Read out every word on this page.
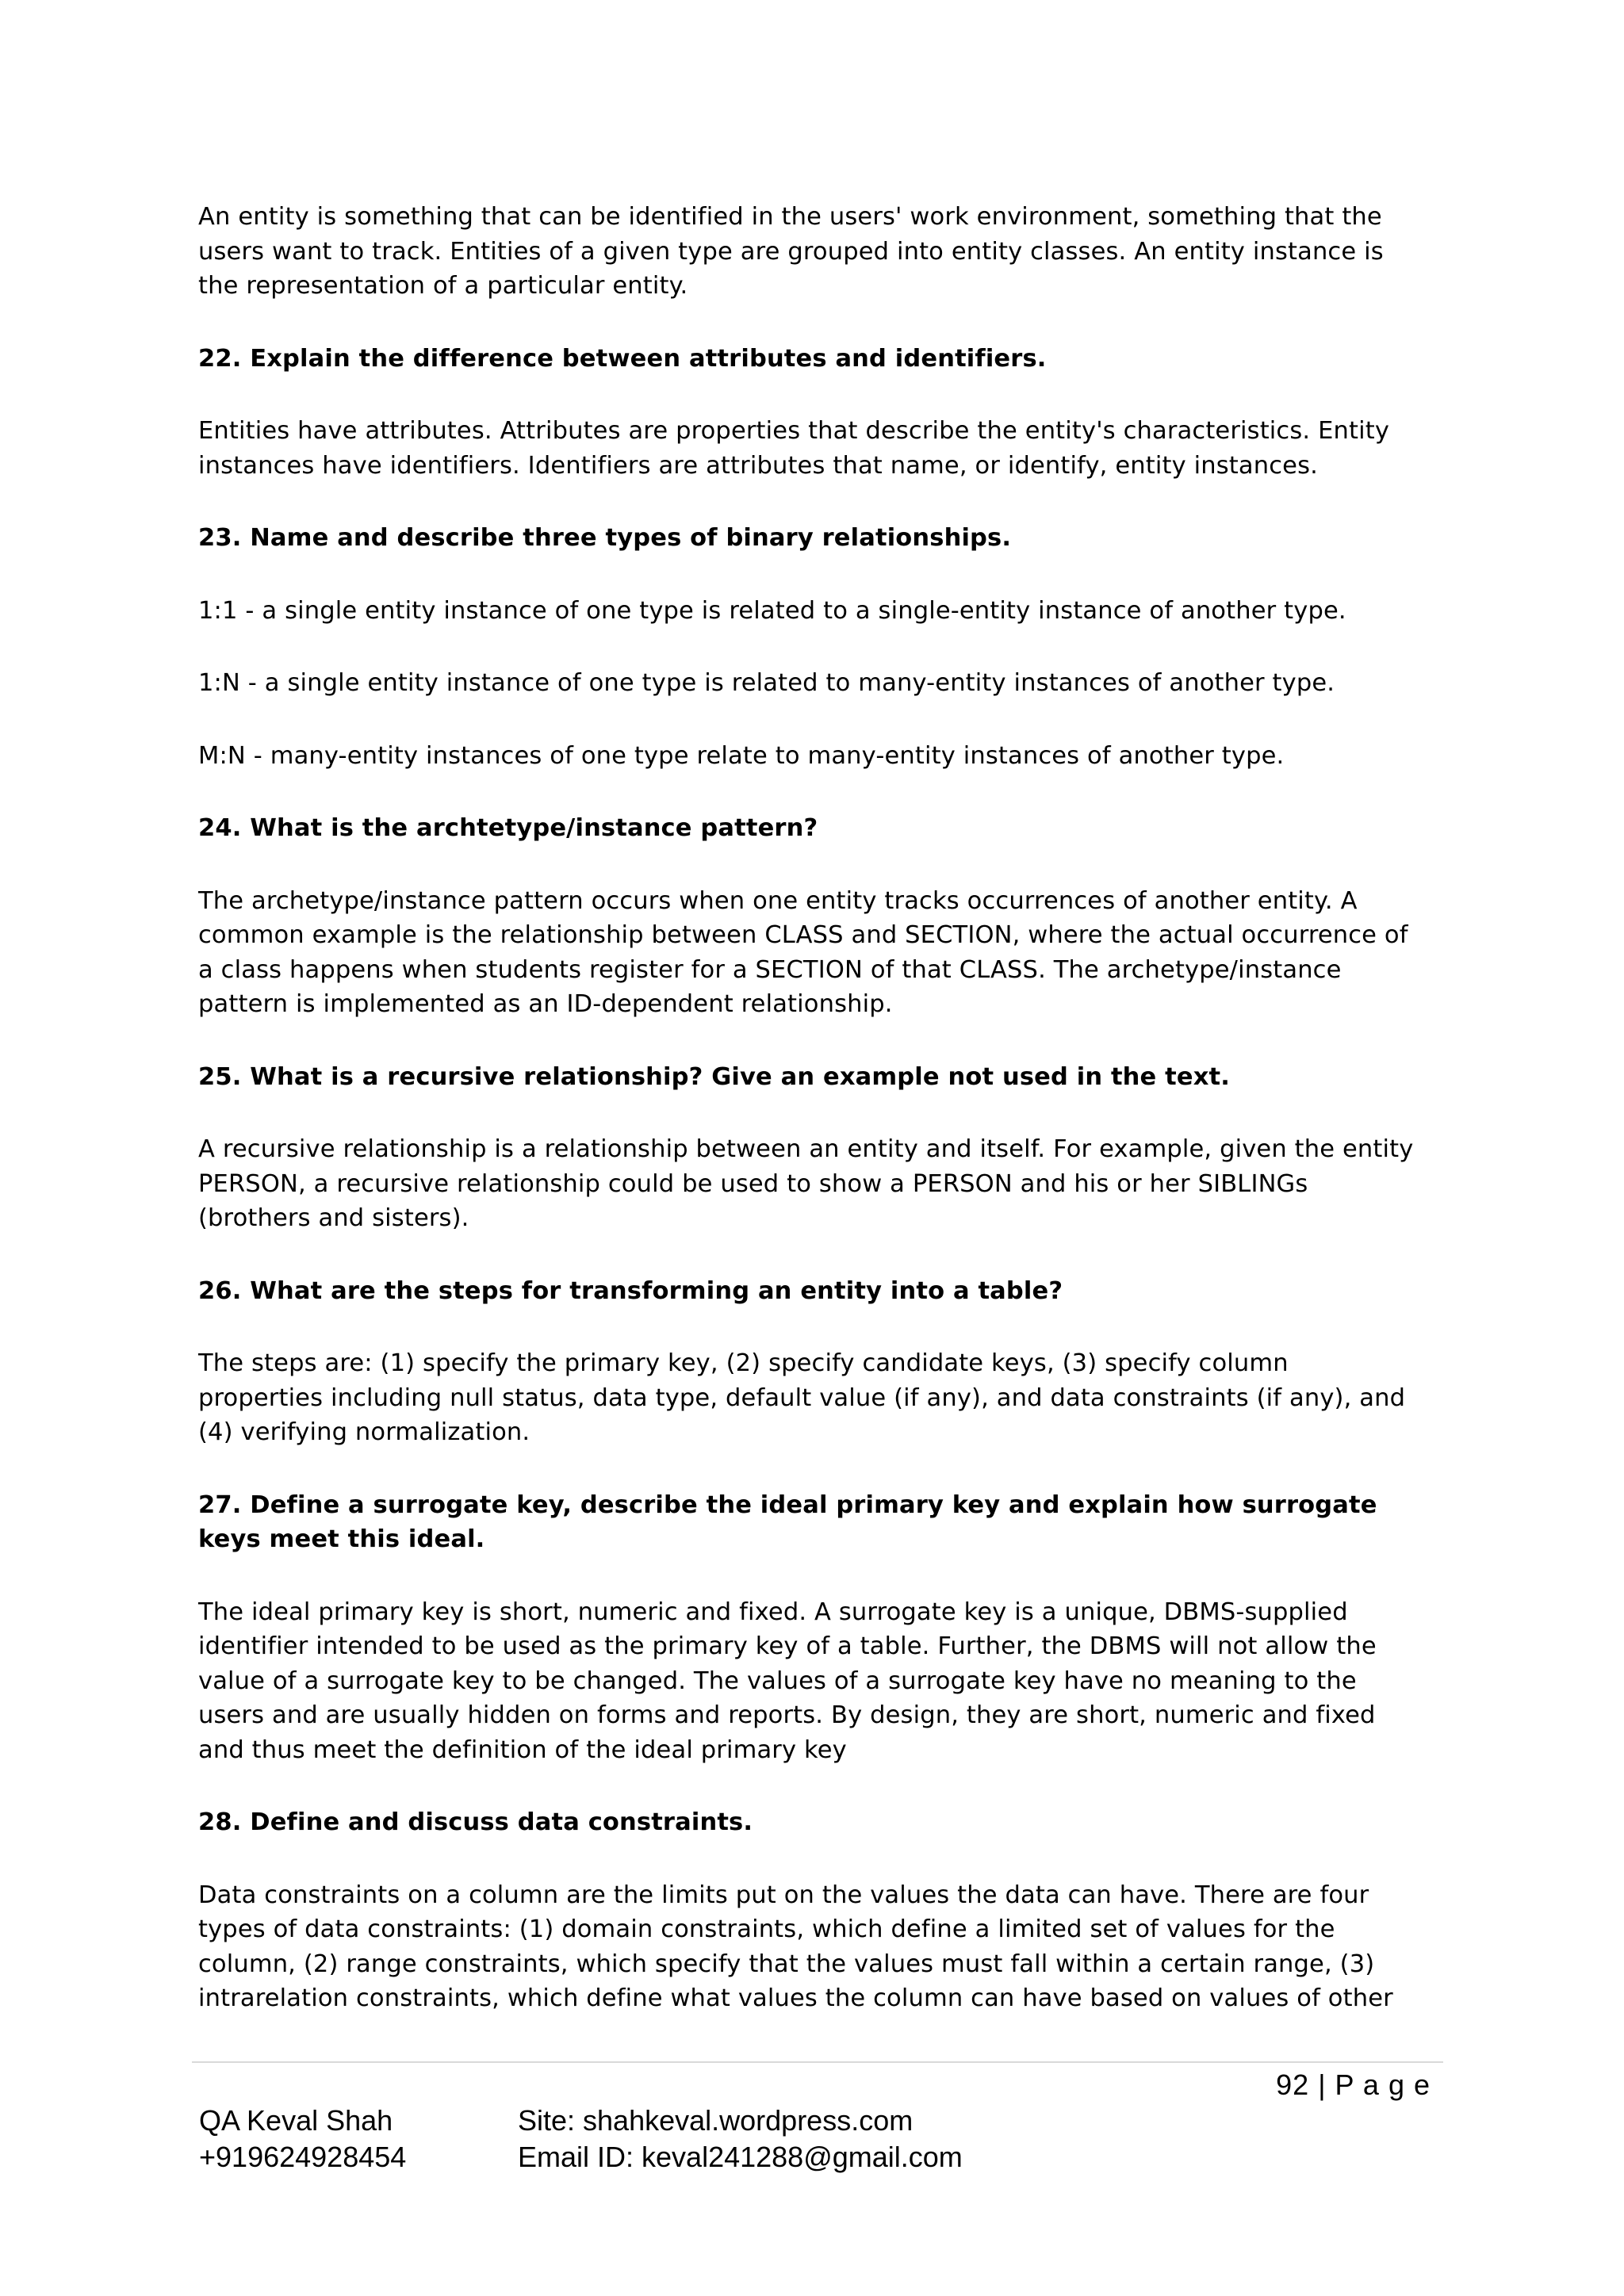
An entity is something that can be identified in the users' work environment, something that the
users want to track. Entities of a given type are grouped into entity classes. An entity instance is
the representation of a particular entity.

22. Explain the difference between attributes and identifiers.

Entities have attributes. Attributes are properties that describe the entity's characteristics. Entity
instances have identifiers. Identifiers are attributes that name, or identify, entity instances.

23. Name and describe three types of binary relationships.

1:1 - a single entity instance of one type is related to a single-entity instance of another type.

1:N - a single entity instance of one type is related to many-entity instances of another type.

M:N - many-entity instances of one type relate to many-entity instances of another type.

24. What is the archtetype/instance pattern?

The archetype/instance pattern occurs when one entity tracks occurrences of another entity. A
common example is the relationship between CLASS and SECTION, where the actual occurrence of
a class happens when students register for a SECTION of that CLASS. The archetype/instance
pattern is implemented as an ID-dependent relationship.

25. What is a recursive relationship? Give an example not used in the text.

A recursive relationship is a relationship between an entity and itself. For example, given the entity
PERSON, a recursive relationship could be used to show a PERSON and his or her SIBLINGs
(brothers and sisters).

26. What are the steps for transforming an entity into a table?

The steps are: (1) specify the primary key, (2) specify candidate keys, (3) specify column
properties including null status, data type, default value (if any), and data constraints (if any), and
(4) verifying normalization.

27. Define a surrogate key, describe the ideal primary key and explain how surrogate
keys meet this ideal.

The ideal primary key is short, numeric and fixed. A surrogate key is a unique, DBMS-supplied
identifier intended to be used as the primary key of a table. Further, the DBMS will not allow the
value of a surrogate key to be changed. The values of a surrogate key have no meaning to the
users and are usually hidden on forms and reports. By design, they are short, numeric and fixed
and thus meet the definition of the ideal primary key

28. Define and discuss data constraints.

Data constraints on a column are the limits put on the values the data can have. There are four
types of data constraints: (1) domain constraints, which define a limited set of values for the
column, (2) range constraints, which specify that the values must fall within a certain range, (3)
intrarelation constraints, which define what values the column can have based on values of other

92 | P a g e

QA Keval Shah

+919624928454

Site: shahkeval.wordpress.com

Email ID: keval241288@gmail.com
